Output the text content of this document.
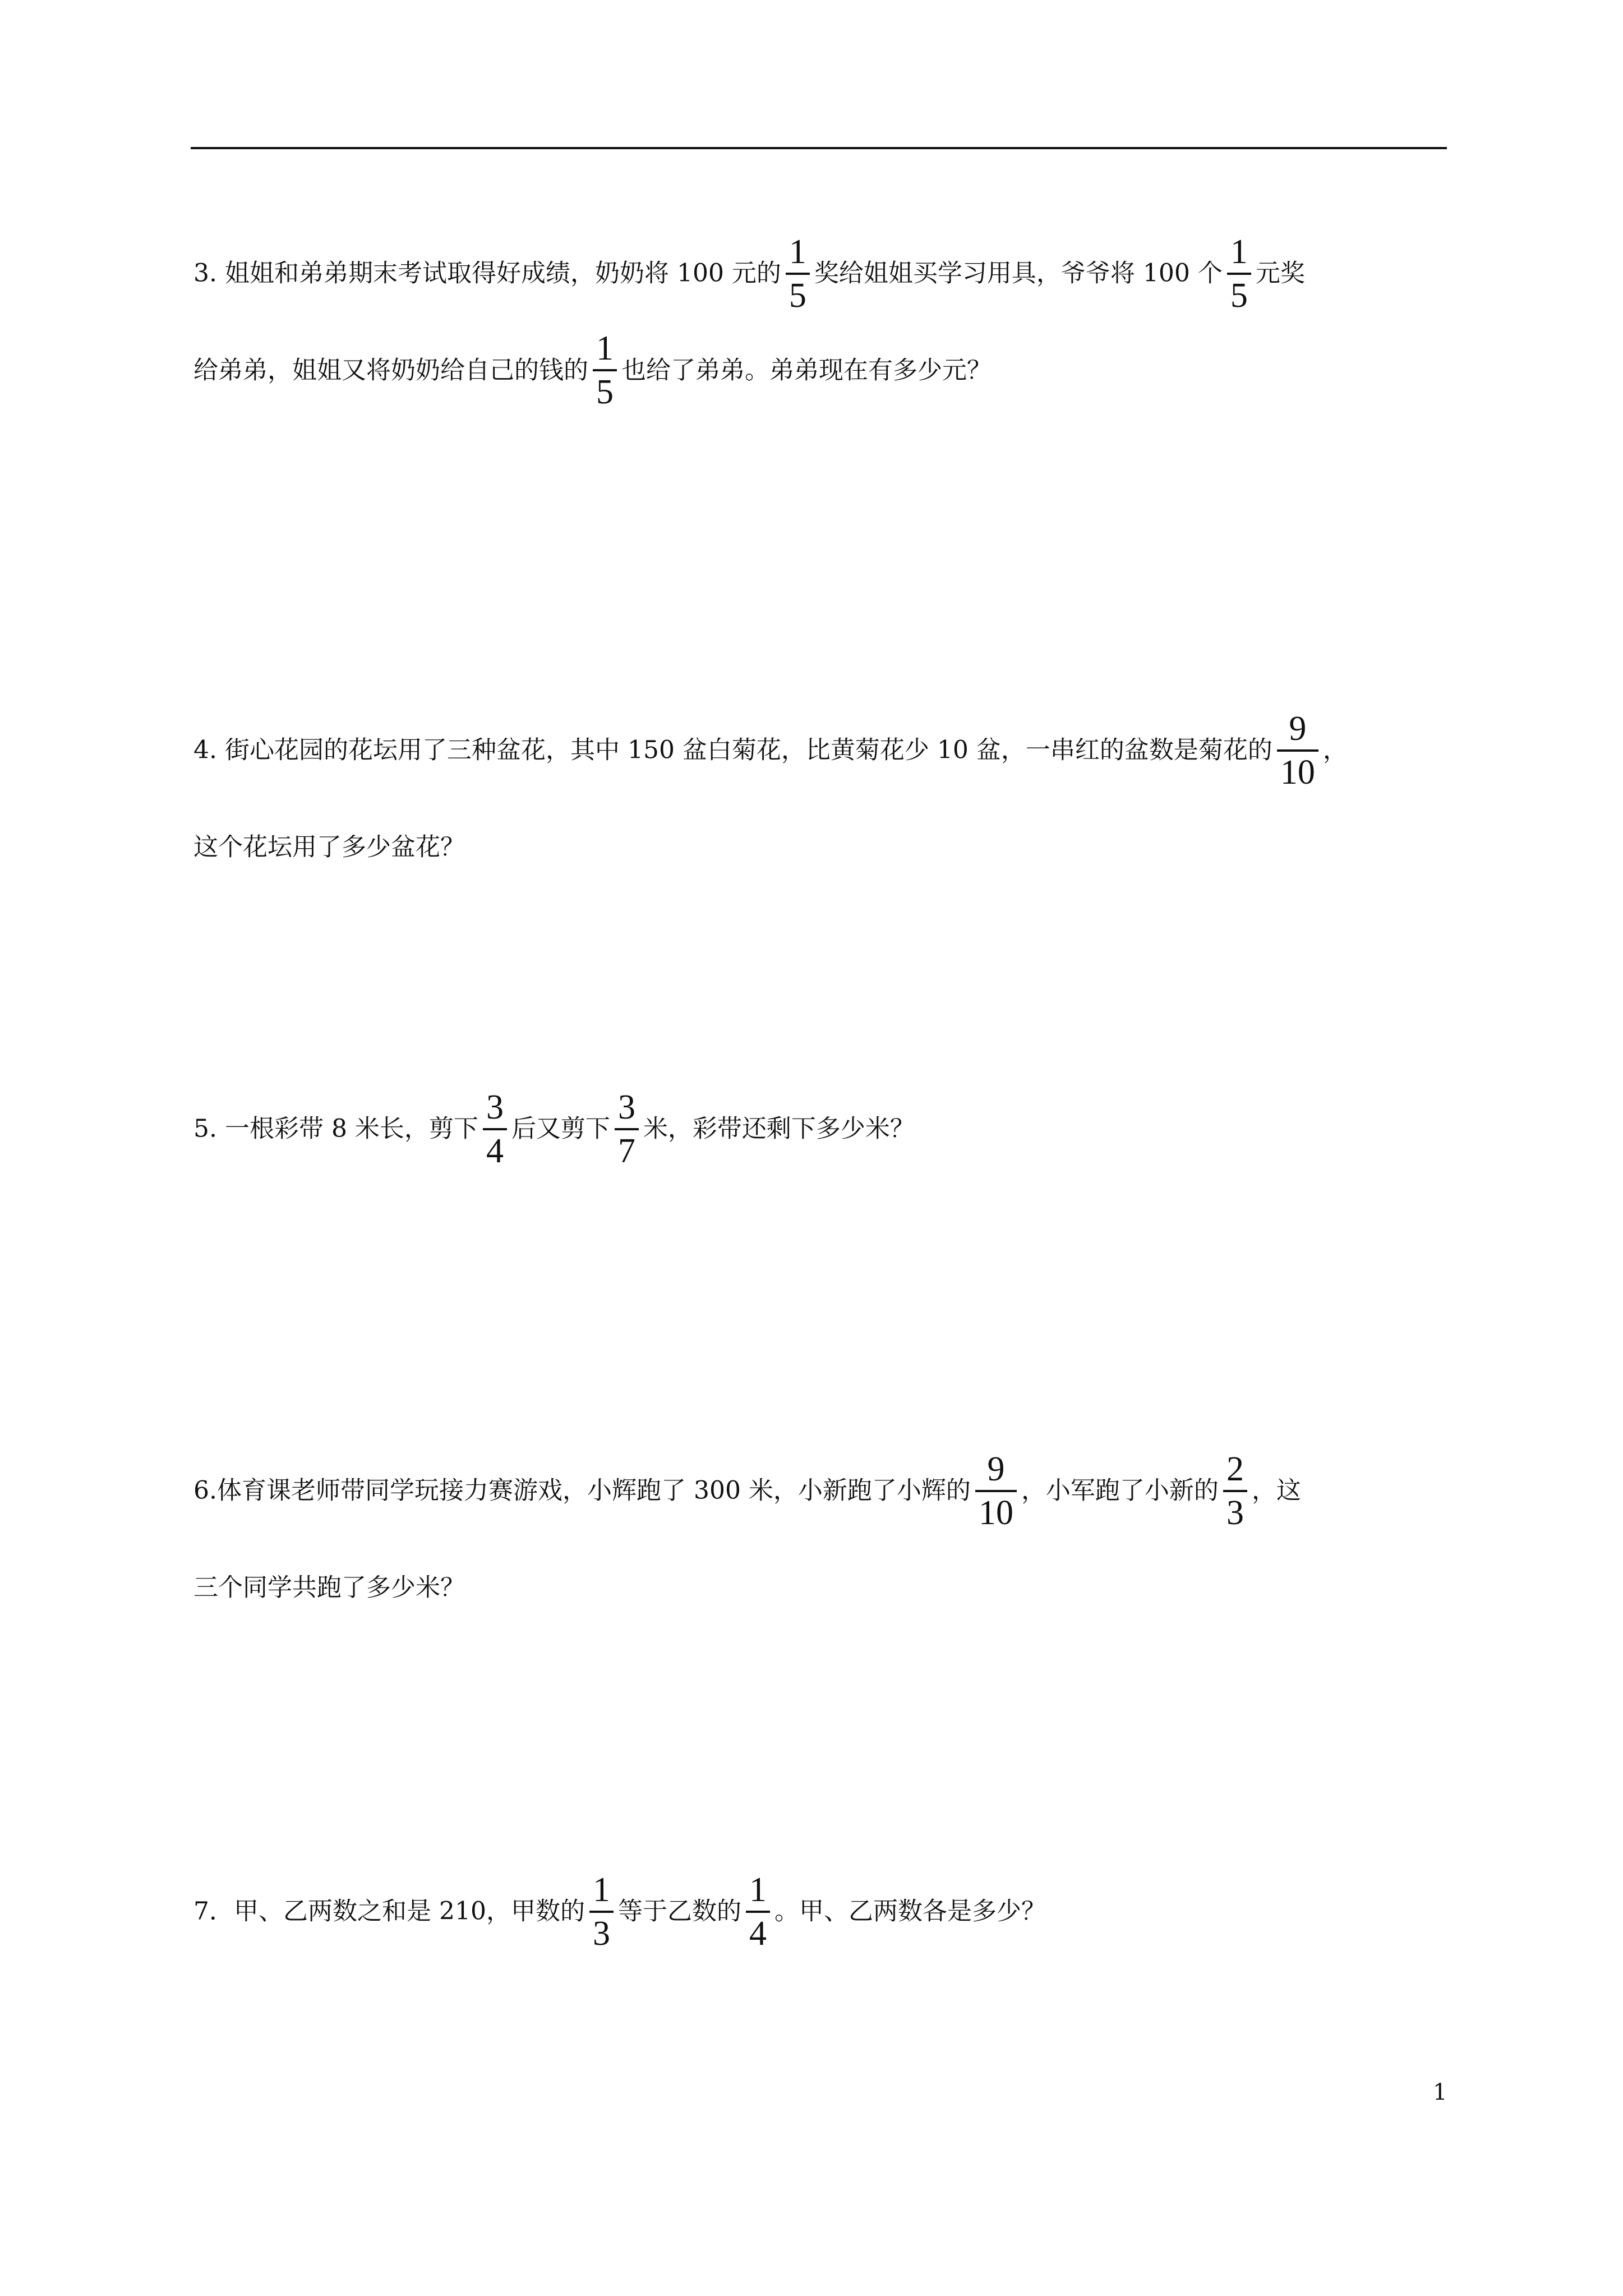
3. 姐姐和弟弟期末考试取得好成绩，奶奶将 100 元的 $\frac{1}{5}$ 奖给姐姐买学习用具，爷爷将 100 个 $\frac{1}{5}$ 元奖
给弟弟，姐姐又将奶奶给自己的钱的 $\frac{1}{5}$ 也给了弟弟。弟弟现在有多少元？
4. 街心花园的花坛用了三种盆花，其中 150 盆白菊花，比黄菊花少 10 盆，一串红的盆数是菊花的 $\frac{9}{10}$ ，
这个花坛用了多少盆花？
5. 一根彩带 8 米长，剪下 $\frac{3}{4}$ 后又剪下 $\frac{3}{7}$ 米，彩带还剩下多少米？
6.体育课老师带同学玩接力赛游戏，小辉跑了 300 米，小新跑了小辉的 $\frac{9}{10}$ ，小军跑了小新的 $\frac{2}{3}$ ，这
三个同学共跑了多少米？
7．甲、乙两数之和是 210，甲数的 $\frac{1}{3}$ 等于乙数的 $\frac{1}{4}$ 。甲、乙两数各是多少？
1
